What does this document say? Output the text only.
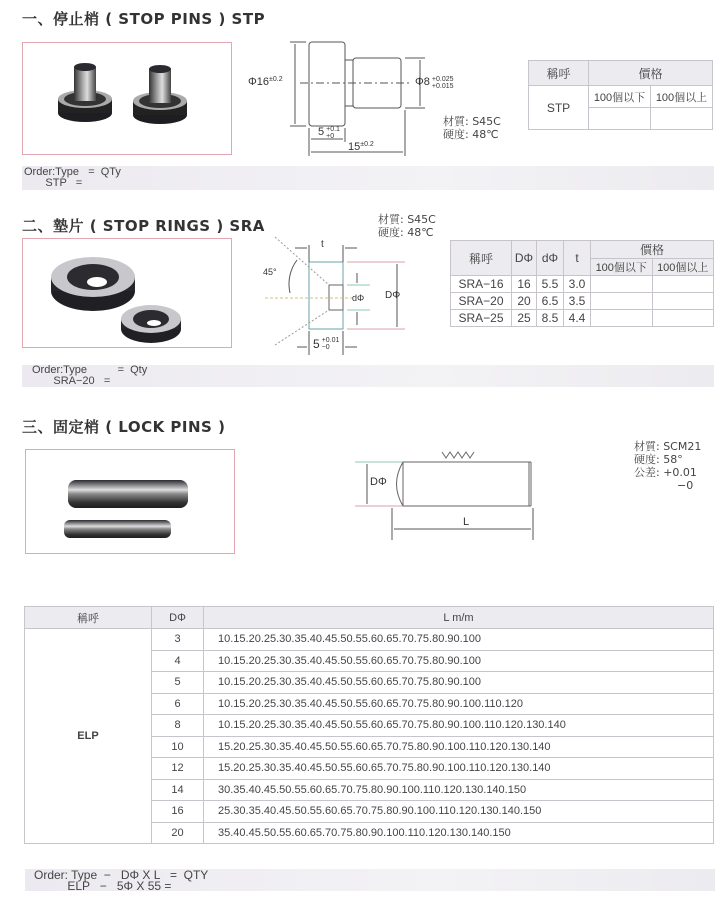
一、停止梢 ( STOP PINS ) STP
Φ16±0.2	Φ8 +0.025
+0.015
5 +0.1
+0
15±0.2
材質: S45C
硬度: 48℃
稱呼	價格	
STP	100個以下	100個以上

Order:Type   =  QTy
STP   =
二、墊片 ( STOP RINGS ) SRA	材質: S45C
硬度: 48℃
45°
t
DΦ
dΦ
5 +0.01
−0
稱呼	DΦ	dΦ	t	價格	
				100個以下	100個以上
SRA−16	16	5.5	3.0		
SRA−20	20	6.5	3.5		
SRA−25	25	8.5	4.4		
Order:Type          =  Qty
SRA−20   =
三、固定梢 ( LOCK PINS )
DΦ
L
材質: SCM21
硬度: 58°
公差: +0.01
−0
稱呼	DΦ	L m/m
ELP	3	10.15.20.25.30.35.40.45.50.55.60.65.70.75.80.90.100
	4	10.15.20.25.30.35.40.45.50.55.60.65.70.75.80.90.100
	5	10.15.20.25.30.35.40.45.50.55.60.65.70.75.80.90.100
	6	10.15.20.25.30.35.40.45.50.55.60.65.70.75.80.90.100.110.120
	8	10.15.20.25.30.35.40.45.50.55.60.65.70.75.80.90.100.110.120.130.140
	10	15.20.25.30.35.40.45.50.55.60.65.70.75.80.90.100.110.120.130.140
	12	15.20.25.30.35.40.45.50.55.60.65.70.75.80.90.100.110.120.130.140
	14	30.35.40.45.50.55.60.65.70.75.80.90.100.110.120.130.140.150
	16	25.30.35.40.45.50.55.60.65.70.75.80.90.100.110.120.130.140.150
	20	35.40.45.50.55.60.65.70.75.80.90.100.110.120.130.140.150
Order: Type  −   DΦ X L   =  QTY
ELP   −   5Φ X 55 =
